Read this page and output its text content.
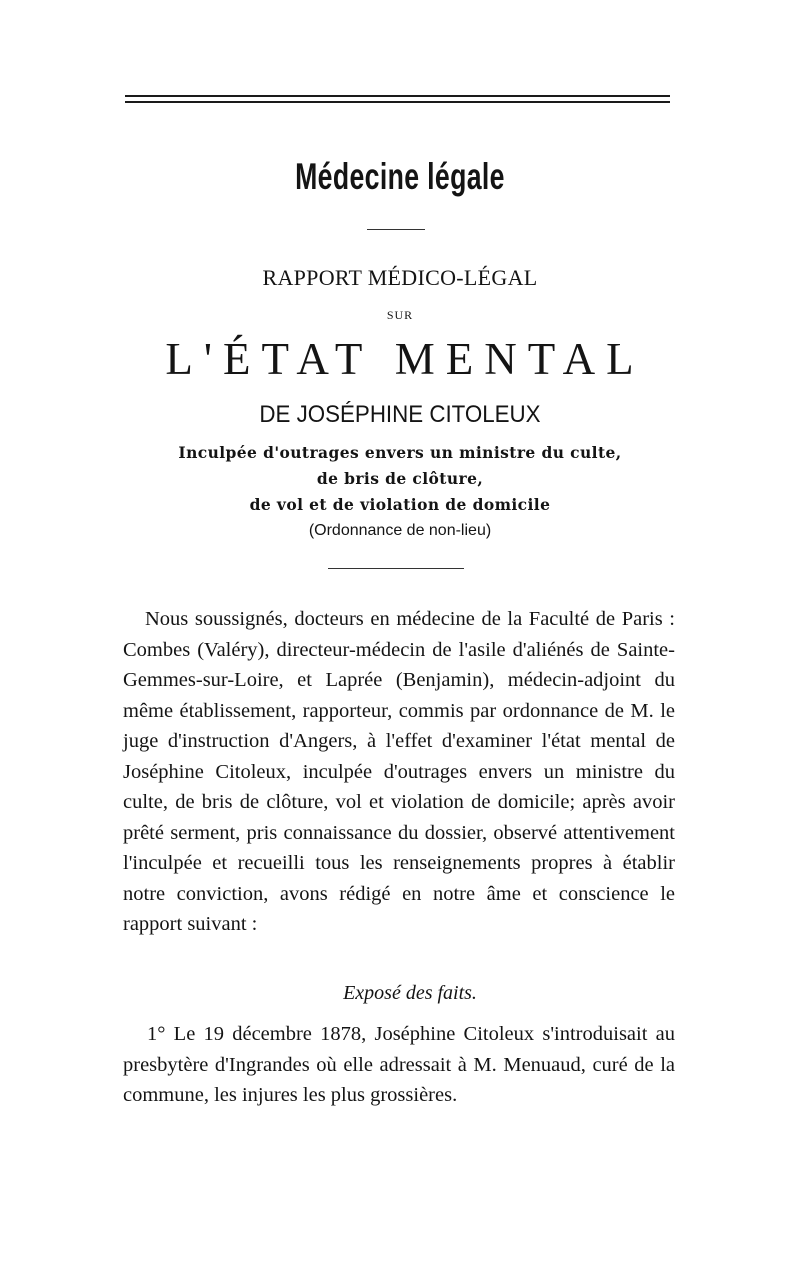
Médecine légale
RAPPORT MÉDICO-LÉGAL
SUR
L'ÉTAT MENTAL
DE JOSÉPHINE CITOLEUX
Inculpée d'outrages envers un ministre du culte,
de bris de clôture,
de vol et de violation de domicile
(Ordonnance de non-lieu)

Nous soussignés, docteurs en médecine de la Faculté de Paris : Combes (Valéry), directeur-médecin de l'asile d'aliénés de Sainte-Gemmes-sur-Loire, et Laprée (Benjamin), médecin-adjoint du même établissement, rapporteur, commis par ordonnance de M. le juge d'instruction d'Angers, à l'effet d'examiner l'état mental de Joséphine Citoleux, inculpée d'outrages envers un ministre du culte, de bris de clôture, vol et violation de domicile; après avoir prêté serment, pris connaissance du dossier, observé attentivement l'inculpée et recueilli tous les renseignements propres à établir notre conviction, avons rédigé en notre âme et conscience le rapport suivant :

Exposé des faits.

1° Le 19 décembre 1878, Joséphine Citoleux s'introduisait au presbytère d'Ingrandes où elle adressait à M. Menuaud, curé de la commune, les injures les plus grossières.
